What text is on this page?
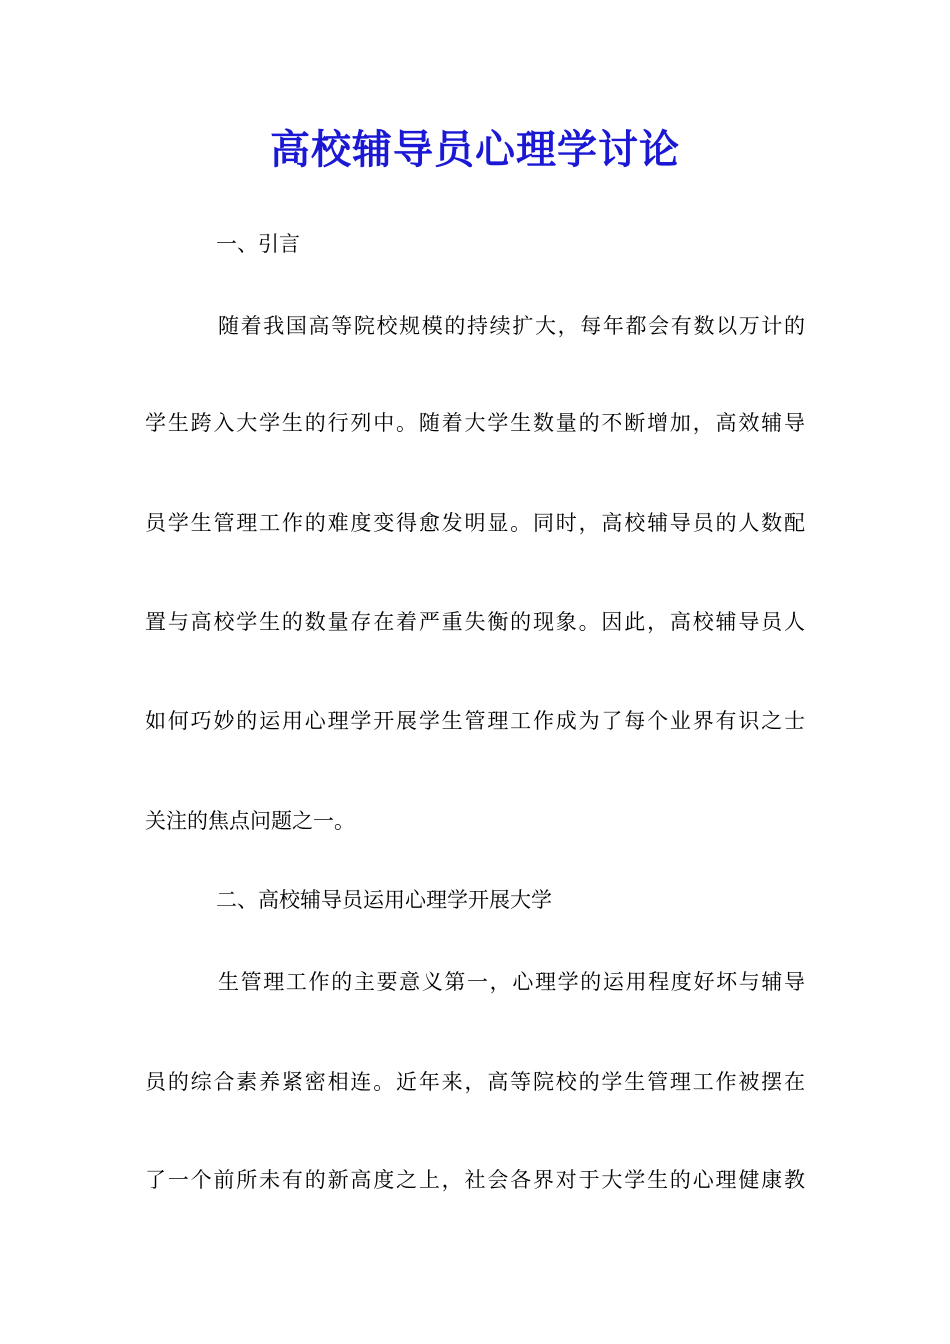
高校辅导员心理学讨论
一、引言
随着我国高等院校规模的持续扩大，每年都会有数以万计的
学生跨入大学生的行列中。随着大学生数量的不断增加，高效辅导
员学生管理工作的难度变得愈发明显。同时，高校辅导员的人数配
置与高校学生的数量存在着严重失衡的现象。因此，高校辅导员人
如何巧妙的运用心理学开展学生管理工作成为了每个业界有识之士
关注的焦点问题之一。
二、高校辅导员运用心理学开展大学
生管理工作的主要意义第一，心理学的运用程度好坏与辅导
员的综合素养紧密相连。近年来，高等院校的学生管理工作被摆在
了一个前所未有的新高度之上，社会各界对于大学生的心理健康教
